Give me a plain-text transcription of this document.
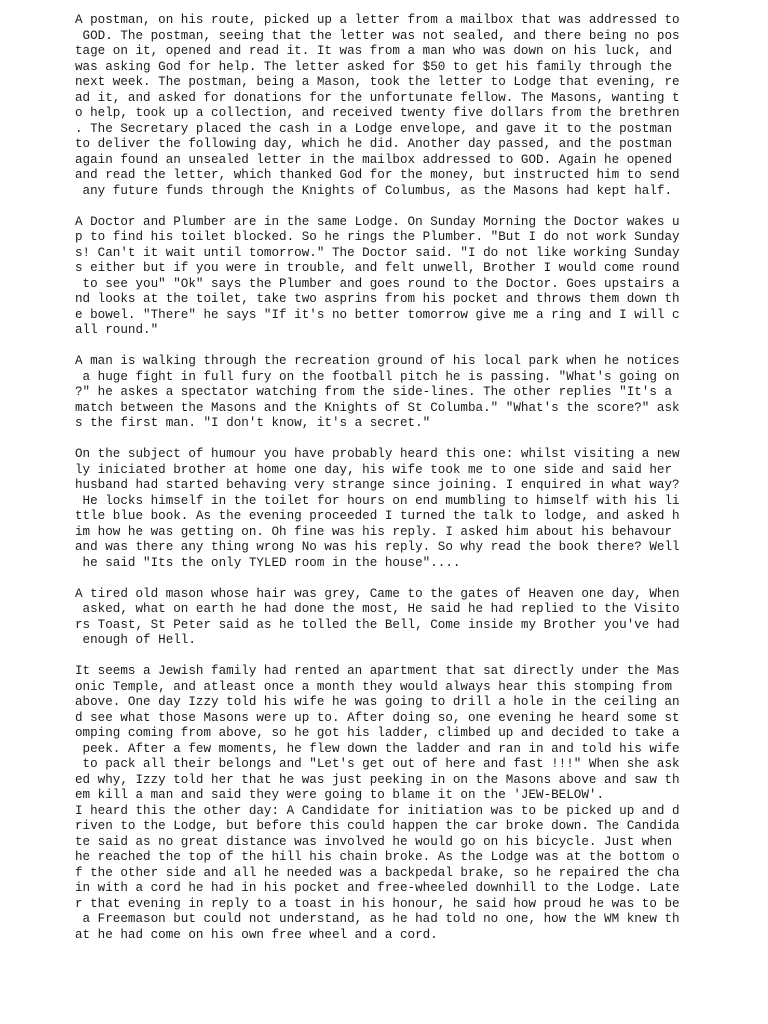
A postman, on his route, picked up a letter from a mailbox that was addressed to
GOD. The postman, seeing that the letter was not sealed, and there being no pos
tage on it, opened and read it. It was from a man who was down on his luck, and
was asking God for help. The letter asked for $50 to get his family through the
next week. The postman, being a Mason, took the letter to Lodge that evening, re
ad it, and asked for donations for the unfortunate fellow. The Masons, wanting t
o help, took up a collection, and received twenty five dollars from the brethren
. The Secretary placed the cash in a Lodge envelope, and gave it to the postman
to deliver the following day, which he did. Another day passed, and the postman
again found an unsealed letter in the mailbox addressed to GOD. Again he opened
and read the letter, which thanked God for the money, but instructed him to send
any future funds through the Knights of Columbus, as the Masons had kept half.
A Doctor and Plumber are in the same Lodge. On Sunday Morning the Doctor wakes u
p to find his toilet blocked. So he rings the Plumber. "But I do not work Sunday
s! Can't it wait until tomorrow." The Doctor said. "I do not like working Sunday
s either but if you were in trouble, and felt unwell, Brother I would come round
to see you" "Ok" says the Plumber and goes round to the Doctor. Goes upstairs a
nd looks at the toilet, take two asprins from his pocket and throws them down th
e bowel. "There" he says "If it's no better tomorrow give me a ring and I will c
all round."
A man is walking through the recreation ground of his local park when he notices
a huge fight in full fury on the football pitch he is passing. "What's going on
?" he askes a spectator watching from the side-lines. The other replies "It's a
match between the Masons and the Knights of St Columba." "What's the score?" ask
s the first man. "I don't know, it's a secret."
On the subject of humour you have probably heard this one: whilst visiting a new
ly iniciated brother at home one day, his wife took me to one side and said her
husband had started behaving very strange since joining. I enquired in what way?
He locks himself in the toilet for hours on end mumbling to himself with his li
ttle blue book. As the evening proceeded I turned the talk to lodge, and asked h
im how he was getting on. Oh fine was his reply. I asked him about his behavour
and was there any thing wrong No was his reply. So why read the book there? Well
he said "Its the only TYLED room in the house"....
A tired old mason whose hair was grey, Came to the gates of Heaven one day, When
asked, what on earth he had done the most, He said he had replied to the Visito
rs Toast, St Peter said as he tolled the Bell, Come inside my Brother you've had
enough of Hell.
It seems a Jewish family had rented an apartment that sat directly under the Mas
onic Temple, and atleast once a month they would always hear this stomping from
above. One day Izzy told his wife he was going to drill a hole in the ceiling an
d see what those Masons were up to. After doing so, one evening he heard some st
omping coming from above, so he got his ladder, climbed up and decided to take a
peek. After a few moments, he flew down the ladder and ran in and told his wife
to pack all their belongs and "Let's get out of here and fast !!!" When she ask
ed why, Izzy told her that he was just peeking in on the Masons above and saw th
em kill a man and said they were going to blame it on the 'JEW-BELOW'.
I heard this the other day: A Candidate for initiation was to be picked up and d
riven to the Lodge, but before this could happen the car broke down. The Candida
te said as no great distance was involved he would go on his bicycle. Just when
he reached the top of the hill his chain broke. As the Lodge was at the bottom o
f the other side and all he needed was a backpedal brake, so he repaired the cha
in with a cord he had in his pocket and free-wheeled downhill to the Lodge. Late
r that evening in reply to a toast in his honour, he said how proud he was to be
a Freemason but could not understand, as he had told no one, how the WM knew th
at he had come on his own free wheel and a cord.
